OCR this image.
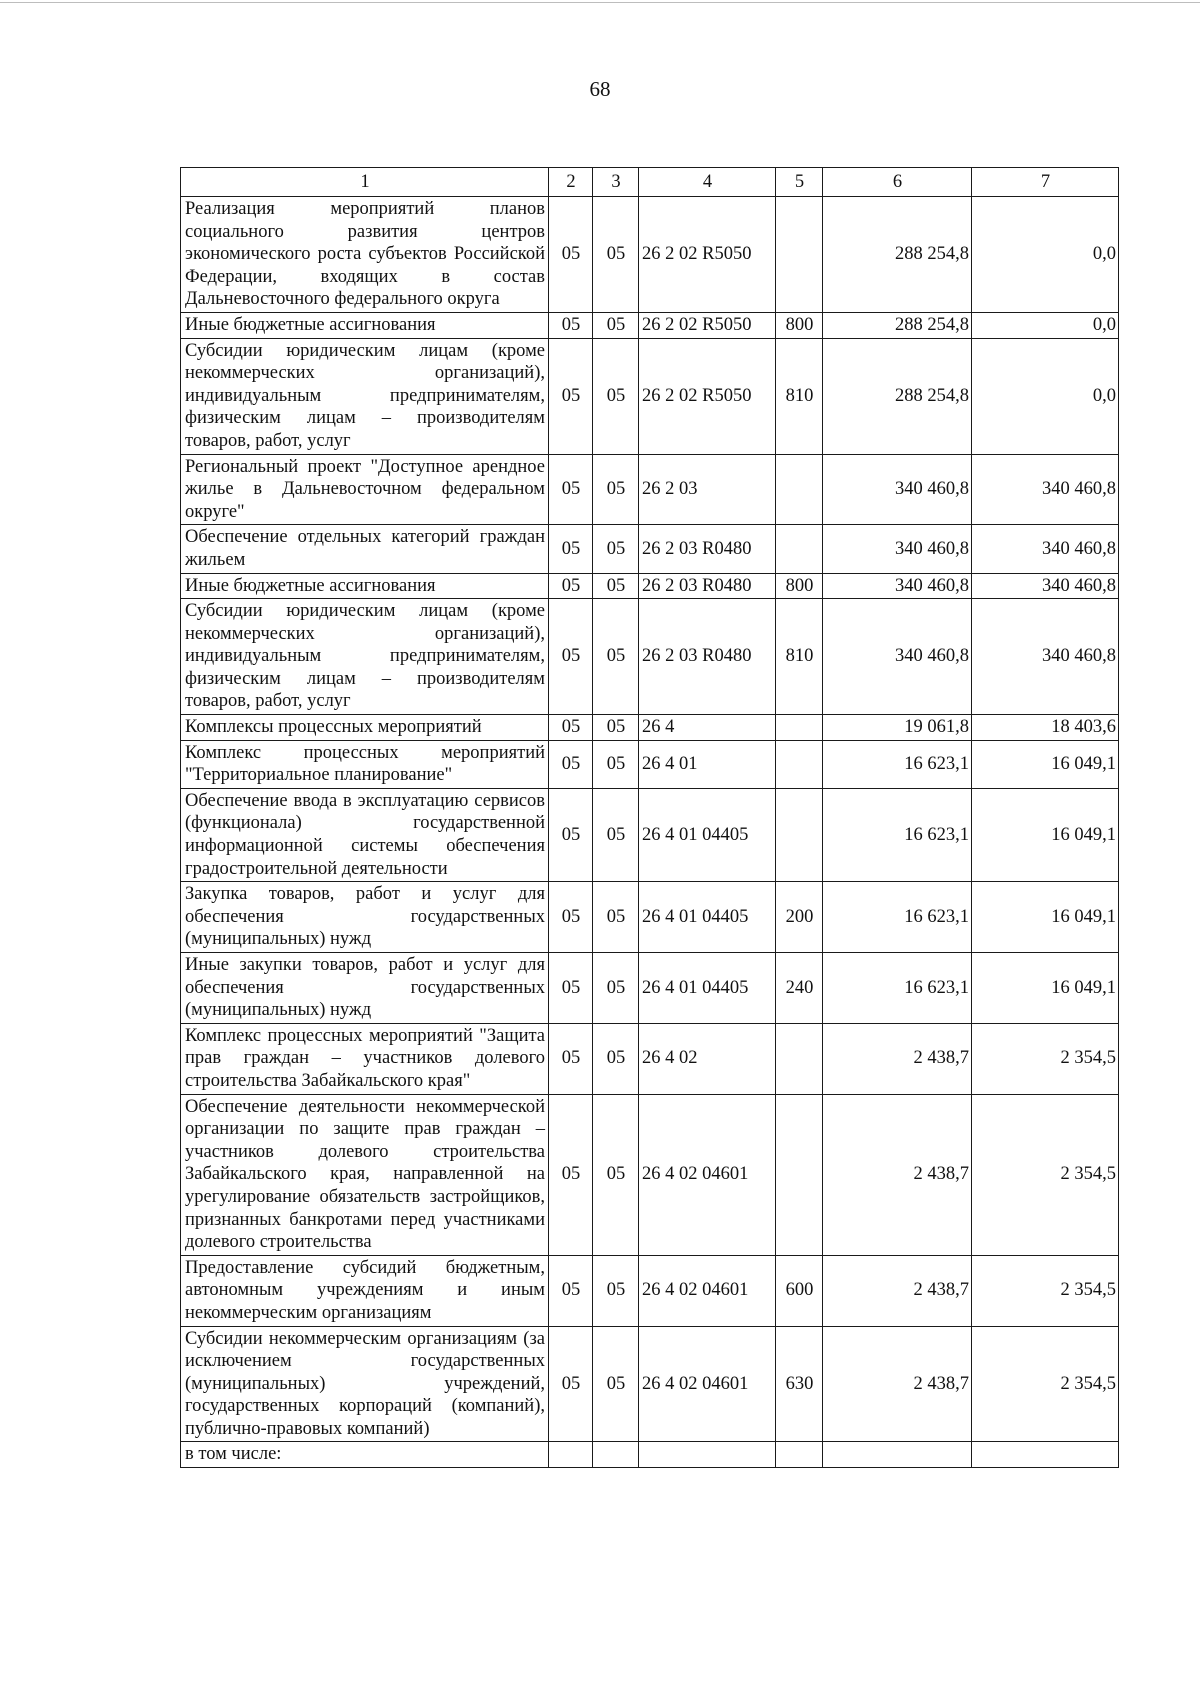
68
1	2	3	4	5	6	7
Реализация мероприятий планов социального развития центров экономического роста субъектов Российской Федерации, входящих в состав Дальневосточного федерального округа	05	05	26 2 02 R5050		288 254,8	0,0
Иные бюджетные ассигнования	05	05	26 2 02 R5050	800	288 254,8	0,0
Субсидии юридическим лицам (кроме некоммерческих организаций), индивидуальным предпринимателям, физическим лицам – производителям товаров, работ, услуг	05	05	26 2 02 R5050	810	288 254,8	0,0
Региональный проект "Доступное арендное жилье в Дальневосточном федеральном округе"	05	05	26 2 03		340 460,8	340 460,8
Обеспечение отдельных категорий граждан жильем	05	05	26 2 03 R0480		340 460,8	340 460,8
Иные бюджетные ассигнования	05	05	26 2 03 R0480	800	340 460,8	340 460,8
Субсидии юридическим лицам (кроме некоммерческих организаций), индивидуальным предпринимателям, физическим лицам – производителям товаров, работ, услуг	05	05	26 2 03 R0480	810	340 460,8	340 460,8
Комплексы процессных мероприятий	05	05	26 4		19 061,8	18 403,6
Комплекс процессных мероприятий "Территориальное планирование"	05	05	26 4 01		16 623,1	16 049,1
Обеспечение ввода в эксплуатацию сервисов (функционала) государственной информационной системы обеспечения градостроительной деятельности	05	05	26 4 01 04405		16 623,1	16 049,1
Закупка товаров, работ и услуг для обеспечения государственных (муниципальных) нужд	05	05	26 4 01 04405	200	16 623,1	16 049,1
Иные закупки товаров, работ и услуг для обеспечения государственных (муниципальных) нужд	05	05	26 4 01 04405	240	16 623,1	16 049,1
Комплекс процессных мероприятий "Защита прав граждан – участников долевого строительства Забайкальского края"	05	05	26 4 02		2 438,7	2 354,5
Обеспечение деятельности некоммерческой организации по защите прав граждан – участников долевого строительства Забайкальского края, направленной на урегулирование обязательств застройщиков, признанных банкротами перед участниками долевого строительства	05	05	26 4 02 04601		2 438,7	2 354,5
Предоставление субсидий бюджетным, автономным учреждениям и иным некоммерческим организациям	05	05	26 4 02 04601	600	2 438,7	2 354,5
Субсидии некоммерческим организациям (за исключением государственных (муниципальных) учреждений, государственных корпораций (компаний), публично-правовых компаний)	05	05	26 4 02 04601	630	2 438,7	2 354,5
в том числе:						
